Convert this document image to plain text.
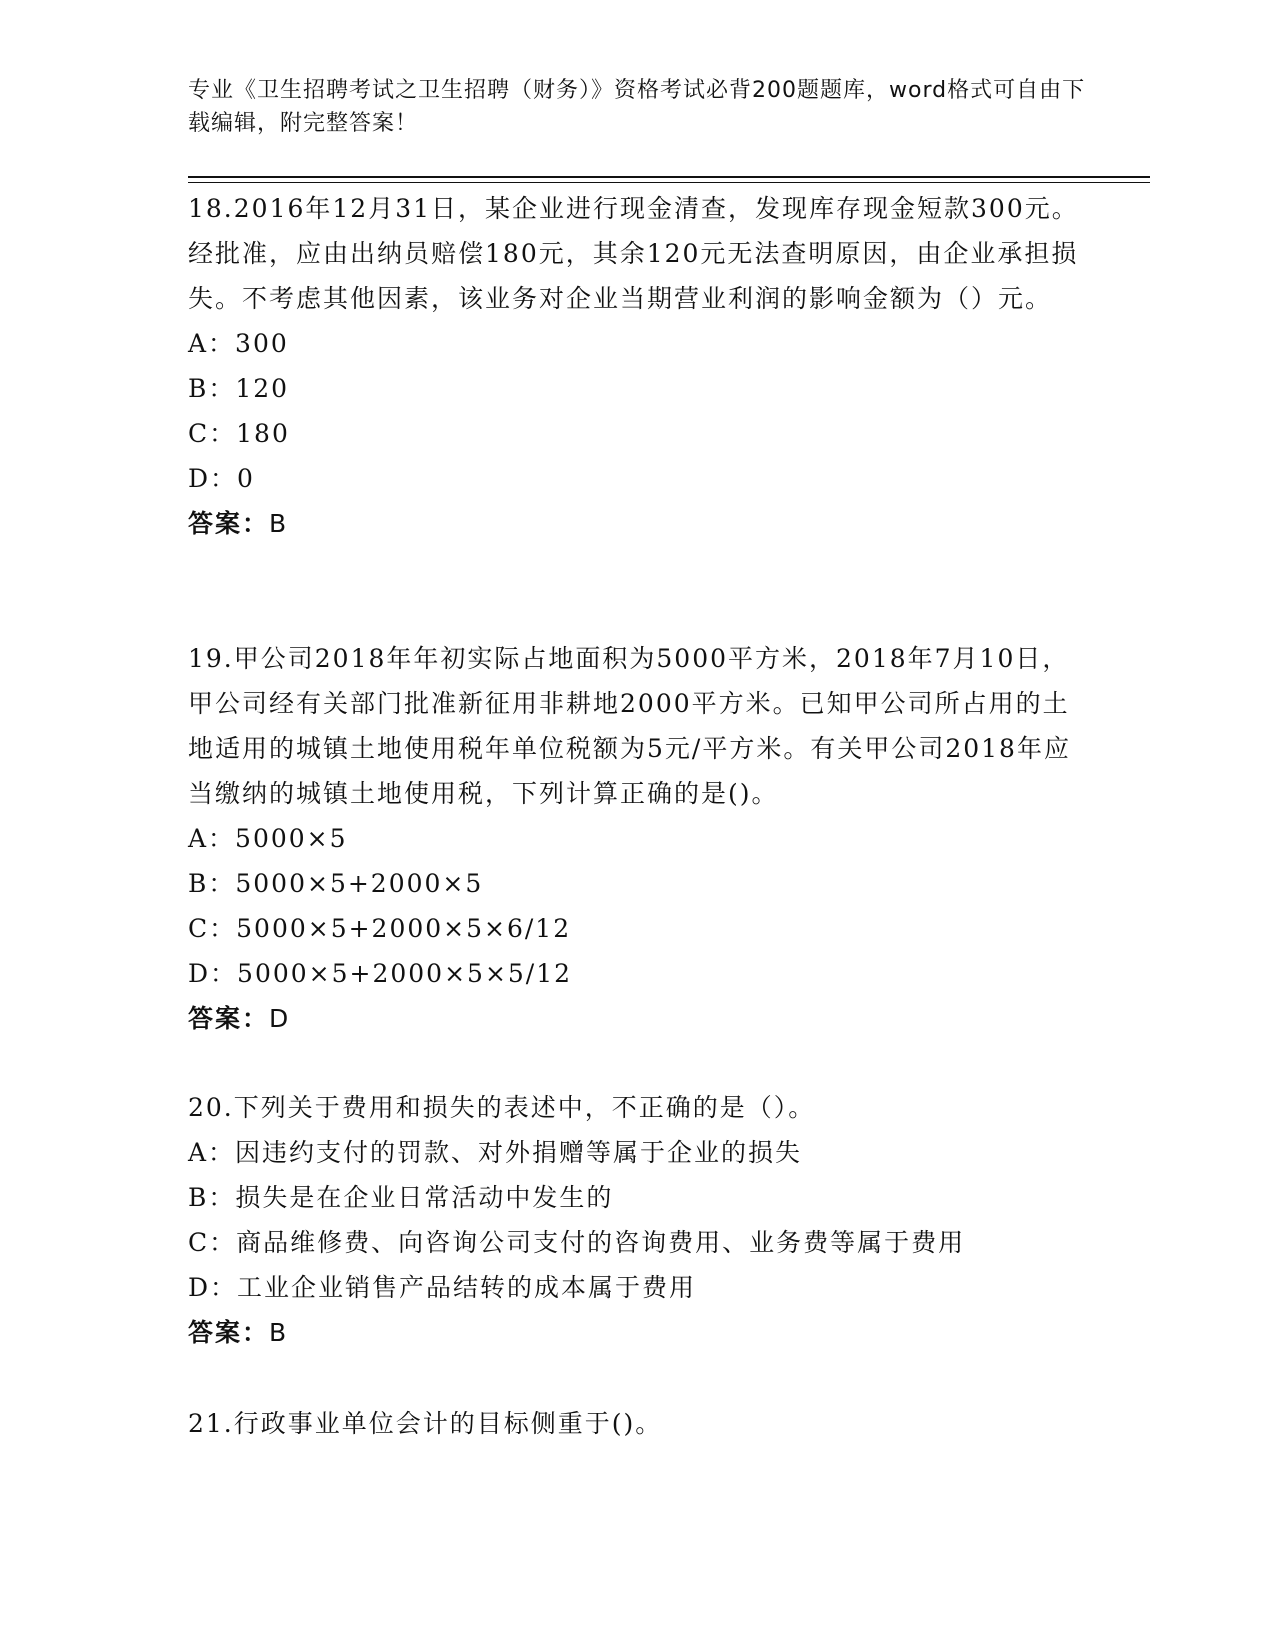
专业《卫生招聘考试之卫生招聘（财务）》资格考试必背200题题库，word格式可自由下载编辑，附完整答案！
18.2016年12月31日，某企业进行现金清查，发现库存现金短款300元。经批准，应由出纳员赔偿180元，其余120元无法查明原因，由企业承担损失。不考虑其他因素，该业务对企业当期营业利润的影响金额为（）元。
A：300
B：120
C：180
D：0
答案：B
19.甲公司2018年年初实际占地面积为5000平方米，2018年7月10日，甲公司经有关部门批准新征用非耕地2000平方米。已知甲公司所占用的土地适用的城镇土地使用税年单位税额为5元/平方米。有关甲公司2018年应当缴纳的城镇土地使用税，下列计算正确的是()。
A：5000×5
B：5000×5+2000×5
C：5000×5+2000×5×6/12
D：5000×5+2000×5×5/12
答案：D
20.下列关于费用和损失的表述中，不正确的是（）。
A：因违约支付的罚款、对外捐赠等属于企业的损失
B：损失是在企业日常活动中发生的
C：商品维修费、向咨询公司支付的咨询费用、业务费等属于费用
D：工业企业销售产品结转的成本属于费用
答案：B
21.行政事业单位会计的目标侧重于()。
